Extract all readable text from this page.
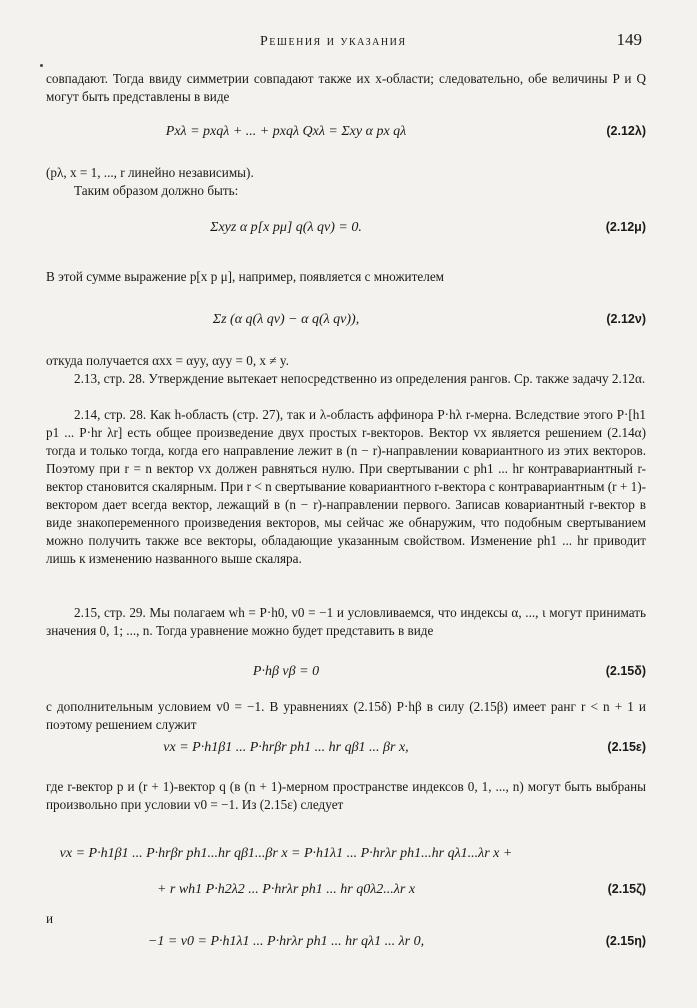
Решения и указания	149
совпадают. Тогда ввиду симметрии совпадают также их х-области; следовательно, обе величины P и Q могут быть представлены в виде
Pxλ = pxqλ + ... + pxqλ Qxλ = Σxy α px qλ	(2.12λ)
(pλ, x = 1, ..., r линейно независимы).
Таким образом должно быть:
Σxyz α p[x pμ] q(λ qν) = 0.	(2.12μ)
В этой сумме выражение p[x p μ], например, появляется с множителем
Σz (α q(λ qν) − α q(λ qν)),	(2.12ν)
откуда получается αxx = αyy, αyy = 0, x ≠ y.
2.13, стр. 28. Утверждение вытекает непосредственно из определения рангов. Ср. также задачу 2.12α.
2.14, стр. 28. Как h-область (стр. 27), так и λ-область аффинора P·hλ r-мерна. Вследствие этого P·[h1 p1 ... P·hr λr] есть общее произведение двух простых r-векторов. Вектор vx является решением (2.14α) тогда и только тогда, когда его направление лежит в (n − r)-направлении ковариантного из этих векторов. Поэтому при r = n вектор vx должен равняться нулю. При свертывании с ph1 ... hr контравариантный r-вектор становится скалярным. При r < n свертывание ковариантного r-вектора с контравариантным (r + 1)-вектором дает всегда вектор, лежащий в (n − r)-направлении первого. Записав ковариантный r-вектор в виде знакопеременного произведения векторов, мы сейчас же обнаружим, что подобным свертыванием можно получить также все векторы, обладающие указанным свойством. Изменение ph1 ... hr приводит лишь к изменению названного выше скаляра.
2.15, стр. 29. Мы полагаем wh = P·h0, v0 = −1 и условливаемся, что индексы α, ..., ι могут принимать значения 0, 1; ..., n. Тогда уравнение можно будет представить в виде
P·hβ vβ = 0	(2.15δ)
с дополнительным условием v0 = −1. В уравнениях (2.15δ) P·hβ в силу (2.15β) имеет ранг r < n + 1 и поэтому решением служит
vx = P·h1β1 ... P·hrβr ph1 ... hr qβ1 ... βr x,	(2.15ε)
где r-вектор p и (r + 1)-вектор q (в (n + 1)-мерном пространстве индексов 0, 1, ..., n) могут быть выбраны произвольно при условии v0 = −1. Из (2.15ε) следует
vx = P·h1β1 ... P·hrβr ph1...hr qβ1...βr x = P·h1λ1 ... P·hrλr ph1...hr qλ1...λr x +
+ r wh1 P·h2λ2 ... P·hrλr ph1 ... hr q0λ2...λr x	(2.15ζ)
и
−1 = v0 = P·h1λ1 ... P·hrλr ph1 ... hr qλ1 ... λr 0,	(2.15η)
